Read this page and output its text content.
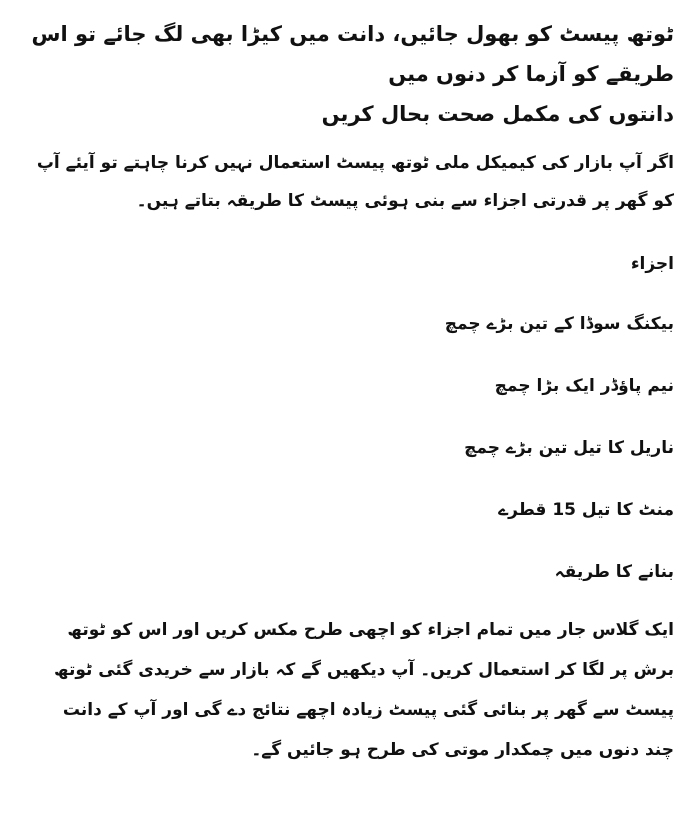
ٹوتھ پیسٹ کو بھول جائیں، دانت میں کیڑا بھی لگ جائے تو اس طریقے کو آزما کر دنوں میں
دانتوں کی مکمل صحت بحال کریں

اگر آپ بازار کی کیمیکل ملی ٹوتھ پیسٹ استعمال نہیں کرنا چاہتے تو آیئے آپ کو گھر پر قدرتی اجزاء سے بنی ہوئی پیسٹ کا طریقہ بتاتے ہیں۔

اجزاء
بیکنگ سوڈا کے تین بڑے چمچ
نیم پاؤڈر ایک بڑا چمچ
ناریل کا تیل تین بڑے چمچ
منٹ کا تیل 15 قطرے
بنانے کا طریقہ

ایک گلاس جار میں تمام اجزاء کو اچھی طرح مکس کریں اور اس کو ٹوتھ برش پر لگا کر استعمال کریں۔ آپ دیکھیں گے کہ بازار سے خریدی گئی ٹوتھ پیسٹ سے گھر پر بنائی گئی پیسٹ زیادہ اچھے نتائج دے گی اور آپ کے دانت چند دنوں میں چمکدار موتی کی طرح ہو جائیں گے۔
